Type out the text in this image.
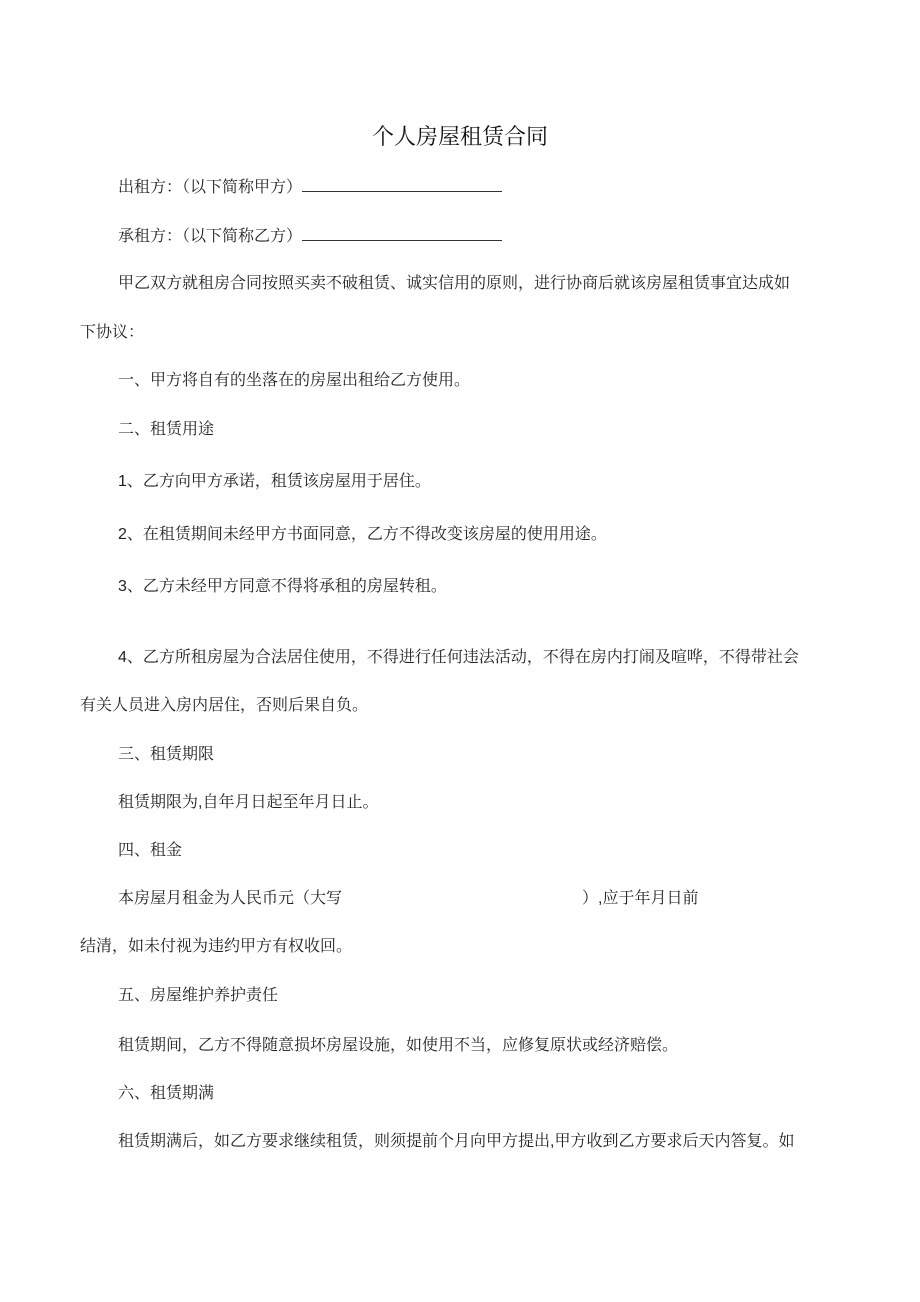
个人房屋租赁合同
出租方：（以下简称甲方）
承租方：（以下简称乙方）
甲乙双方就租房合同按照买卖不破租赁、诚实信用的原则，进行协商后就该房屋租赁事宜达成如
下协议：
一、甲方将自有的坐落在的房屋出租给乙方使用。
二、租赁用途
1、乙方向甲方承诺，租赁该房屋用于居住。
2、在租赁期间未经甲方书面同意，乙方不得改变该房屋的使用用途。
3、乙方未经甲方同意不得将承租的房屋转租。
4、乙方所租房屋为合法居住使用，不得进行任何违法活动，不得在房内打闹及喧哗，不得带社会
有关人员进入房内居住，否则后果自负。
三、租赁期限
租赁期限为,自年月日起至年月日止。
四、租金
本房屋月租金为人民币元（大写	）,应于年月日前
结清，如未付视为违约甲方有权收回。
五、房屋维护养护责任
租赁期间，乙方不得随意损坏房屋设施，如使用不当，应修复原状或经济赔偿。
六、租赁期满
租赁期满后，如乙方要求继续租赁，则须提前个月向甲方提出,甲方收到乙方要求后天内答复。如
